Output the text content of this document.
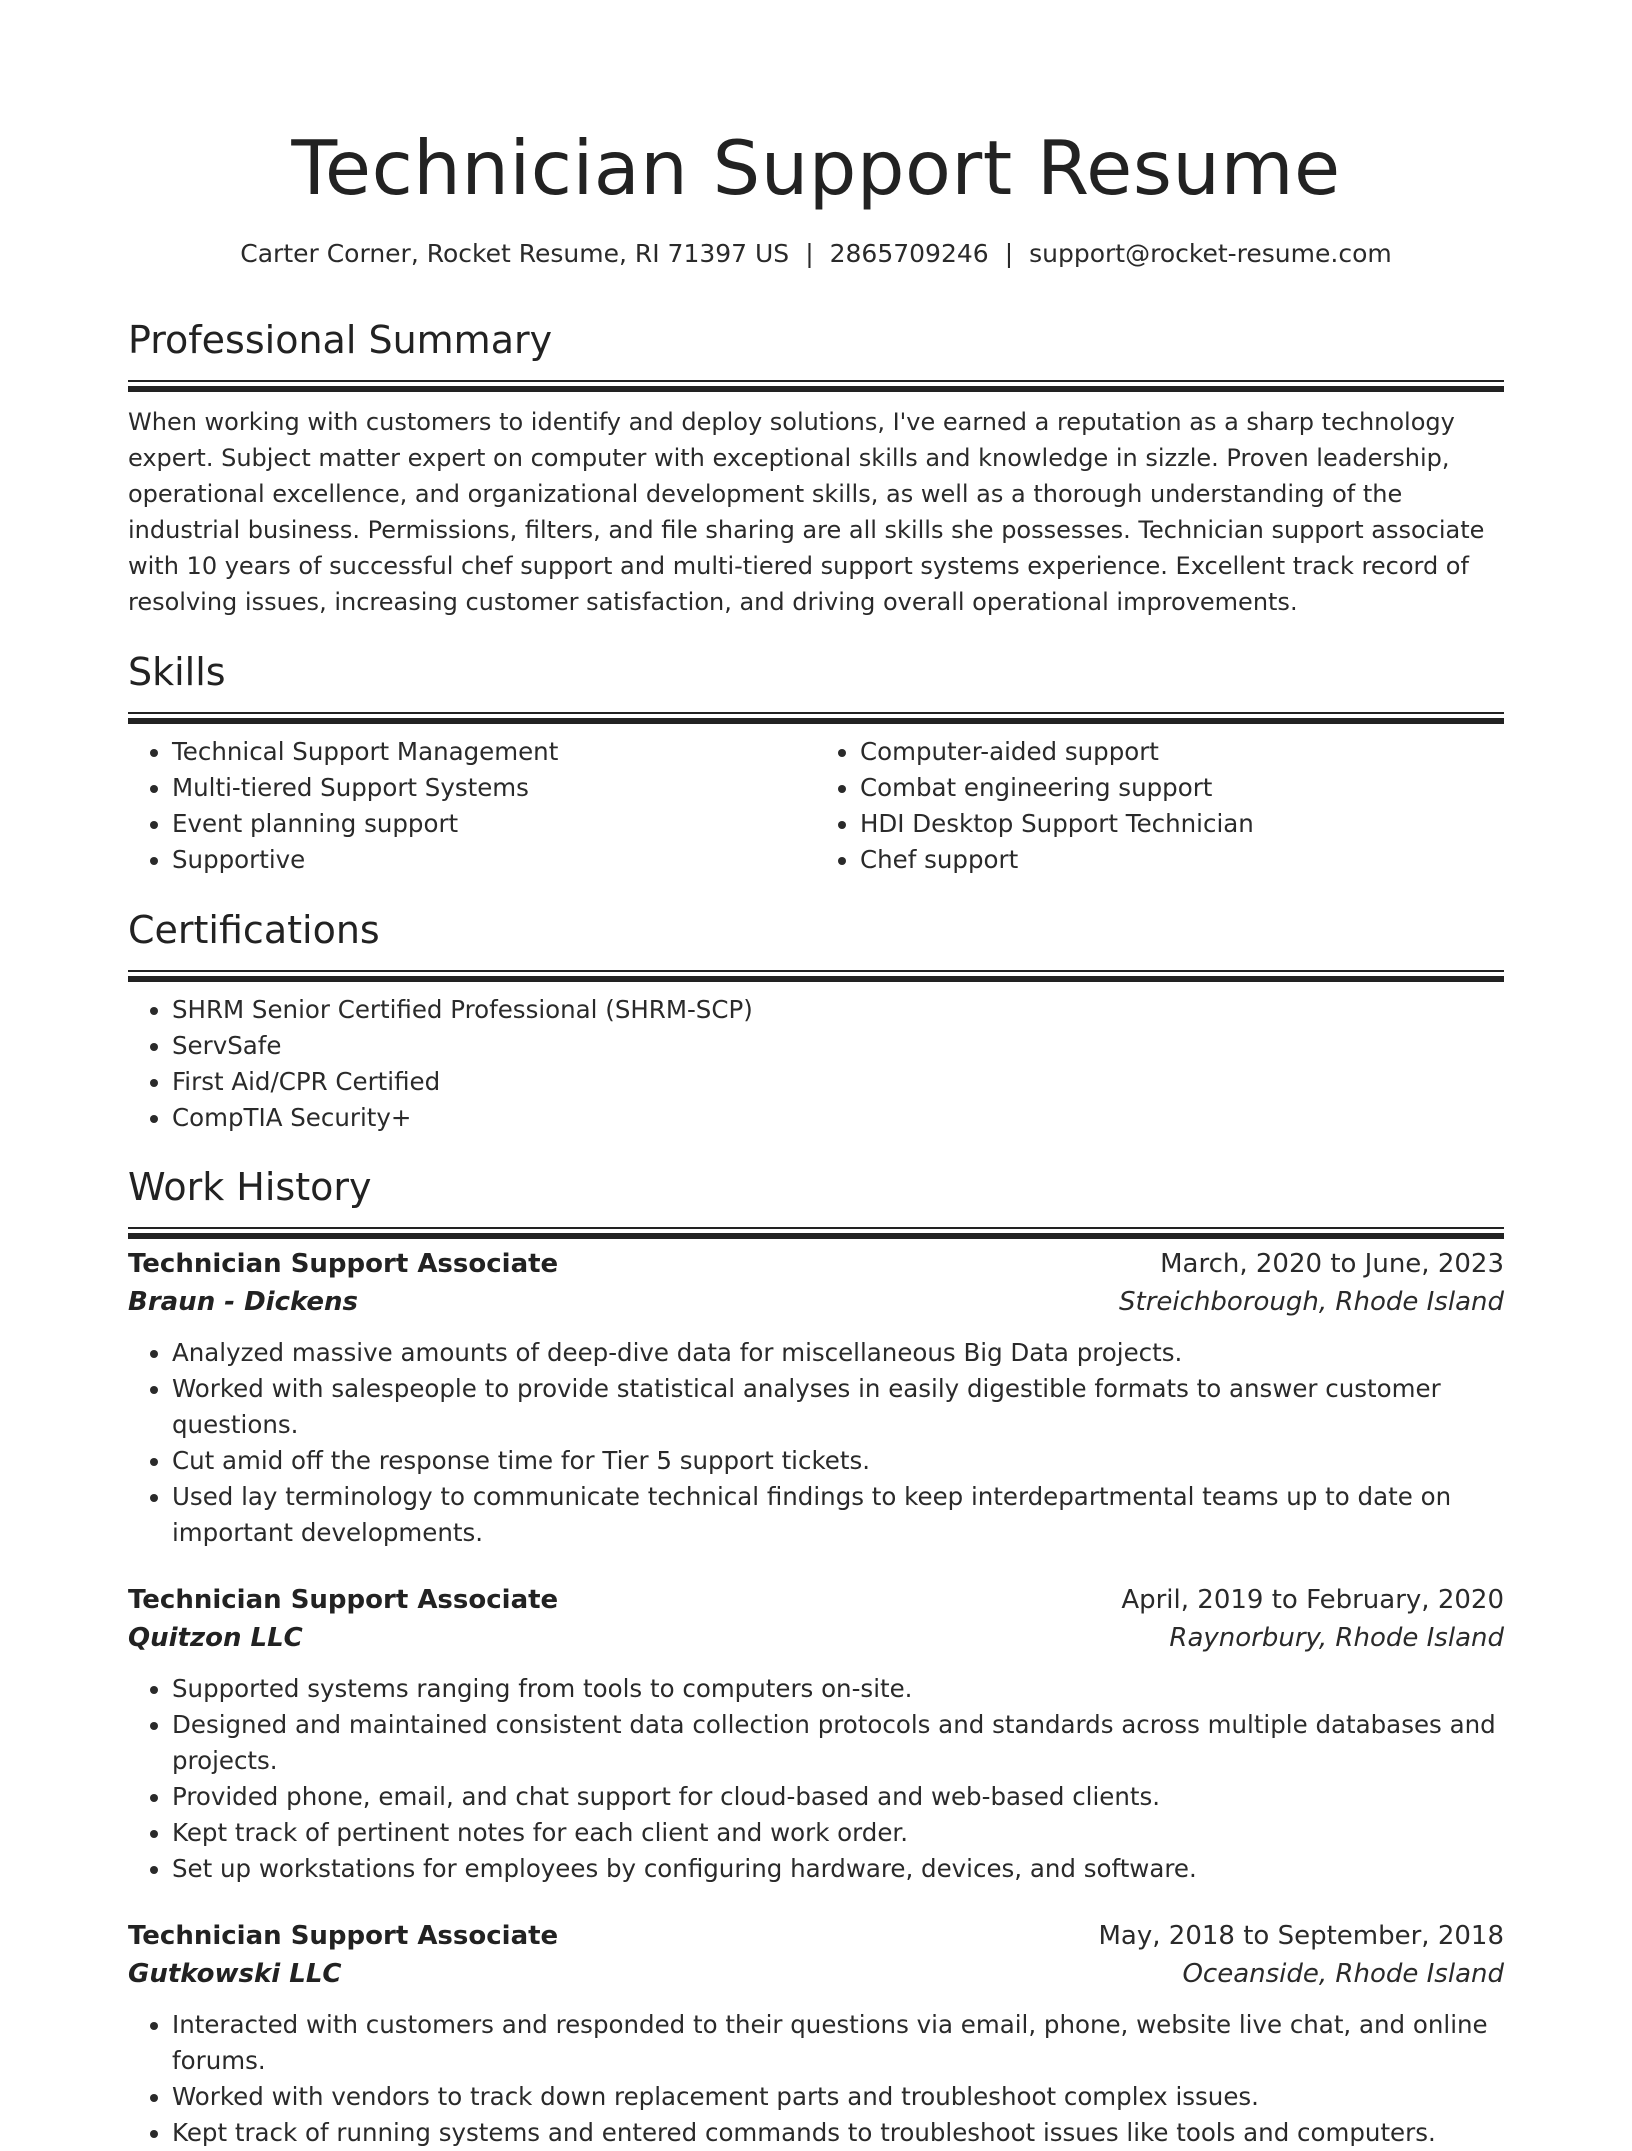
Technician Support Resume
Carter Corner, Rocket Resume, RI 71397 US | 2865709246 | support@rocket-resume.com
Professional Summary

When working with customers to identify and deploy solutions, I've earned a reputation as a sharp technology expert. Subject matter expert on computer with exceptional skills and knowledge in sizzle. Proven leadership, operational excellence, and organizational development skills, as well as a thorough understanding of the industrial business. Permissions, filters, and file sharing are all skills she possesses. Technician support associate with 10 years of successful chef support and multi-tiered support systems experience. Excellent track record of resolving issues, increasing customer satisfaction, and driving overall operational improvements.

Skills
• Technical Support Management
• Multi-tiered Support Systems
• Event planning support
• Supportive
• Computer-aided support
• Combat engineering support
• HDI Desktop Support Technician
• Chef support
Certifications
• SHRM Senior Certified Professional (SHRM-SCP)
• ServSafe
• First Aid/CPR Certified
• CompTIA Security+
Work History
Technician Support Associate	March, 2020 to June, 2023
Braun - Dickens	Streichborough, Rhode Island
• Analyzed massive amounts of deep-dive data for miscellaneous Big Data projects.
• Worked with salespeople to provide statistical analyses in easily digestible formats to answer customer questions.
• Cut amid off the response time for Tier 5 support tickets.
• Used lay terminology to communicate technical findings to keep interdepartmental teams up to date on important developments.
Technician Support Associate	April, 2019 to February, 2020
Quitzon LLC	Raynorbury, Rhode Island
• Supported systems ranging from tools to computers on-site.
• Designed and maintained consistent data collection protocols and standards across multiple databases and projects.
• Provided phone, email, and chat support for cloud-based and web-based clients.
• Kept track of pertinent notes for each client and work order.
• Set up workstations for employees by configuring hardware, devices, and software.
Technician Support Associate	May, 2018 to September, 2018
Gutkowski LLC	Oceanside, Rhode Island
• Interacted with customers and responded to their questions via email, phone, website live chat, and online forums.
• Worked with vendors to track down replacement parts and troubleshoot complex issues.
• Kept track of running systems and entered commands to troubleshoot issues like tools and computers.
